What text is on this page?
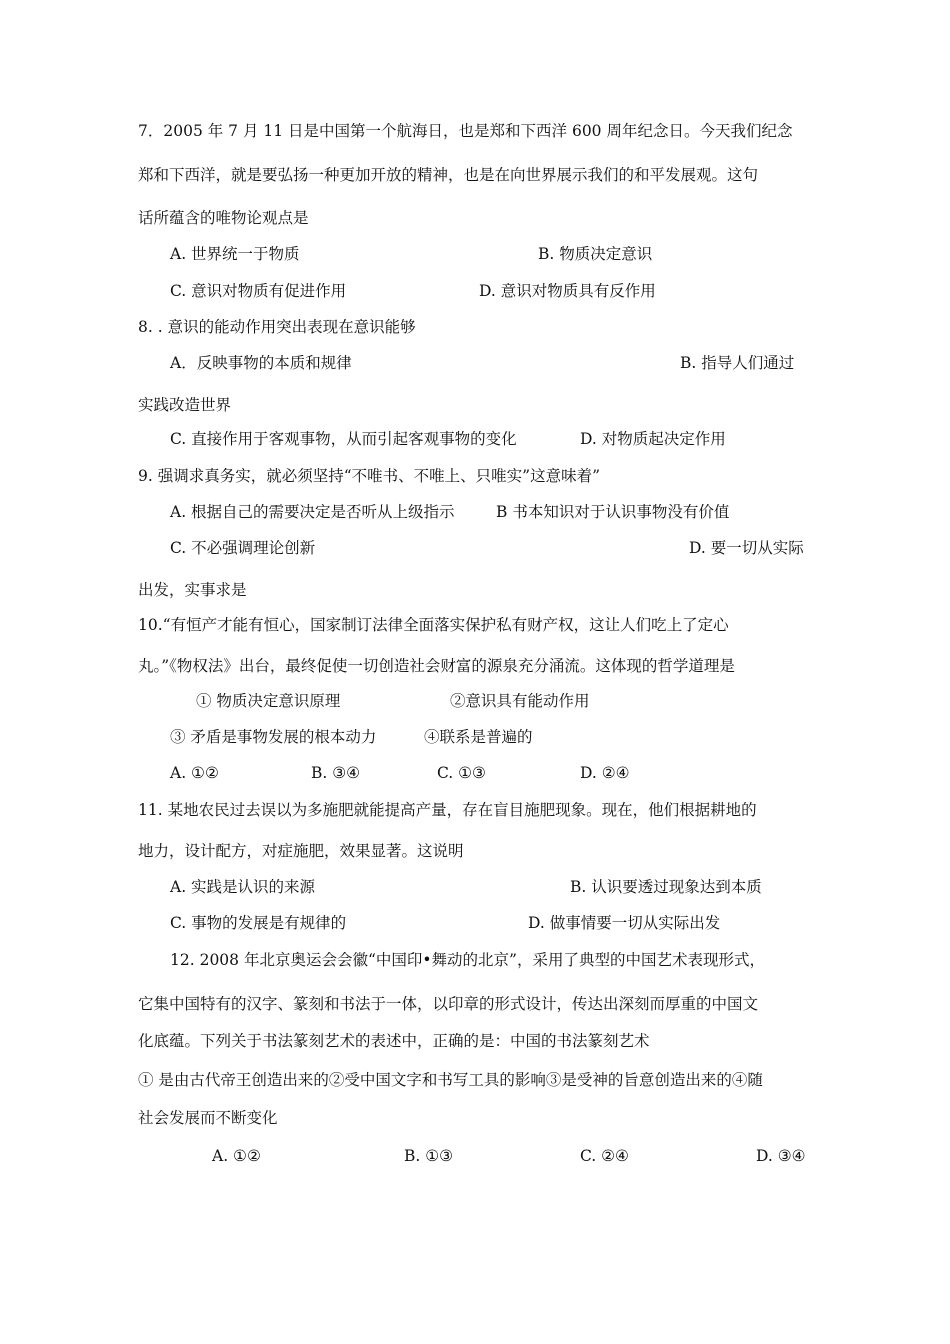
7．2005 年 7 月 11 日是中国第一个航海日，也是郑和下西洋 600 周年纪念日。今天我们纪念
郑和下西洋，就是要弘扬一种更加开放的精神，也是在向世界展示我们的和平发展观。这句
话所蕴含的唯物论观点是
A. 世界统一于物质	B. 物质决定意识
C. 意识对物质有促进作用	D. 意识对物质具有反作用
8. . 意识的能动作用突出表现在意识能够
A．反映事物的本质和规律	B. 指导人们通过
实践改造世界
C. 直接作用于客观事物，从而引起客观事物的变化	D. 对物质起决定作用
9. 强调求真务实，就必须坚持“不唯书、不唯上、只唯实”这意味着”
A. 根据自己的需要决定是否听从上级指示	B 书本知识对于认识事物没有价值
C. 不必强调理论创新	D. 要一切从实际
出发，实事求是
10.“有恒产才能有恒心，国家制订法律全面落实保护私有财产权，这让人们吃上了定心
丸。”《物权法》出台，最终促使一切创造社会财富的源泉充分涌流。这体现的哲学道理是
① 物质决定意识原理	②意识具有能动作用
③ 矛盾是事物发展的根本动力	④联系是普遍的
A. ①②	B. ③④	C. ①③	D. ②④
11. 某地农民过去误以为多施肥就能提高产量，存在盲目施肥现象。现在，他们根据耕地的
地力，设计配方，对症施肥，效果显著。这说明
A. 实践是认识的来源	B. 认识要透过现象达到本质
C. 事物的发展是有规律的	D. 做事情要一切从实际出发
12. 2008 年北京奥运会会徽“中国印•舞动的北京”，采用了典型的中国艺术表现形式，
它集中国特有的汉字、篆刻和书法于一体，以印章的形式设计，传达出深刻而厚重的中国文
化底蕴。下列关于书法篆刻艺术的表述中，正确的是：中国的书法篆刻艺术
① 是由古代帝王创造出来的②受中国文字和书写工具的影响③是受神的旨意创造出来的④随
社会发展而不断变化
A. ①②	B. ①③	C. ②④	D. ③④
